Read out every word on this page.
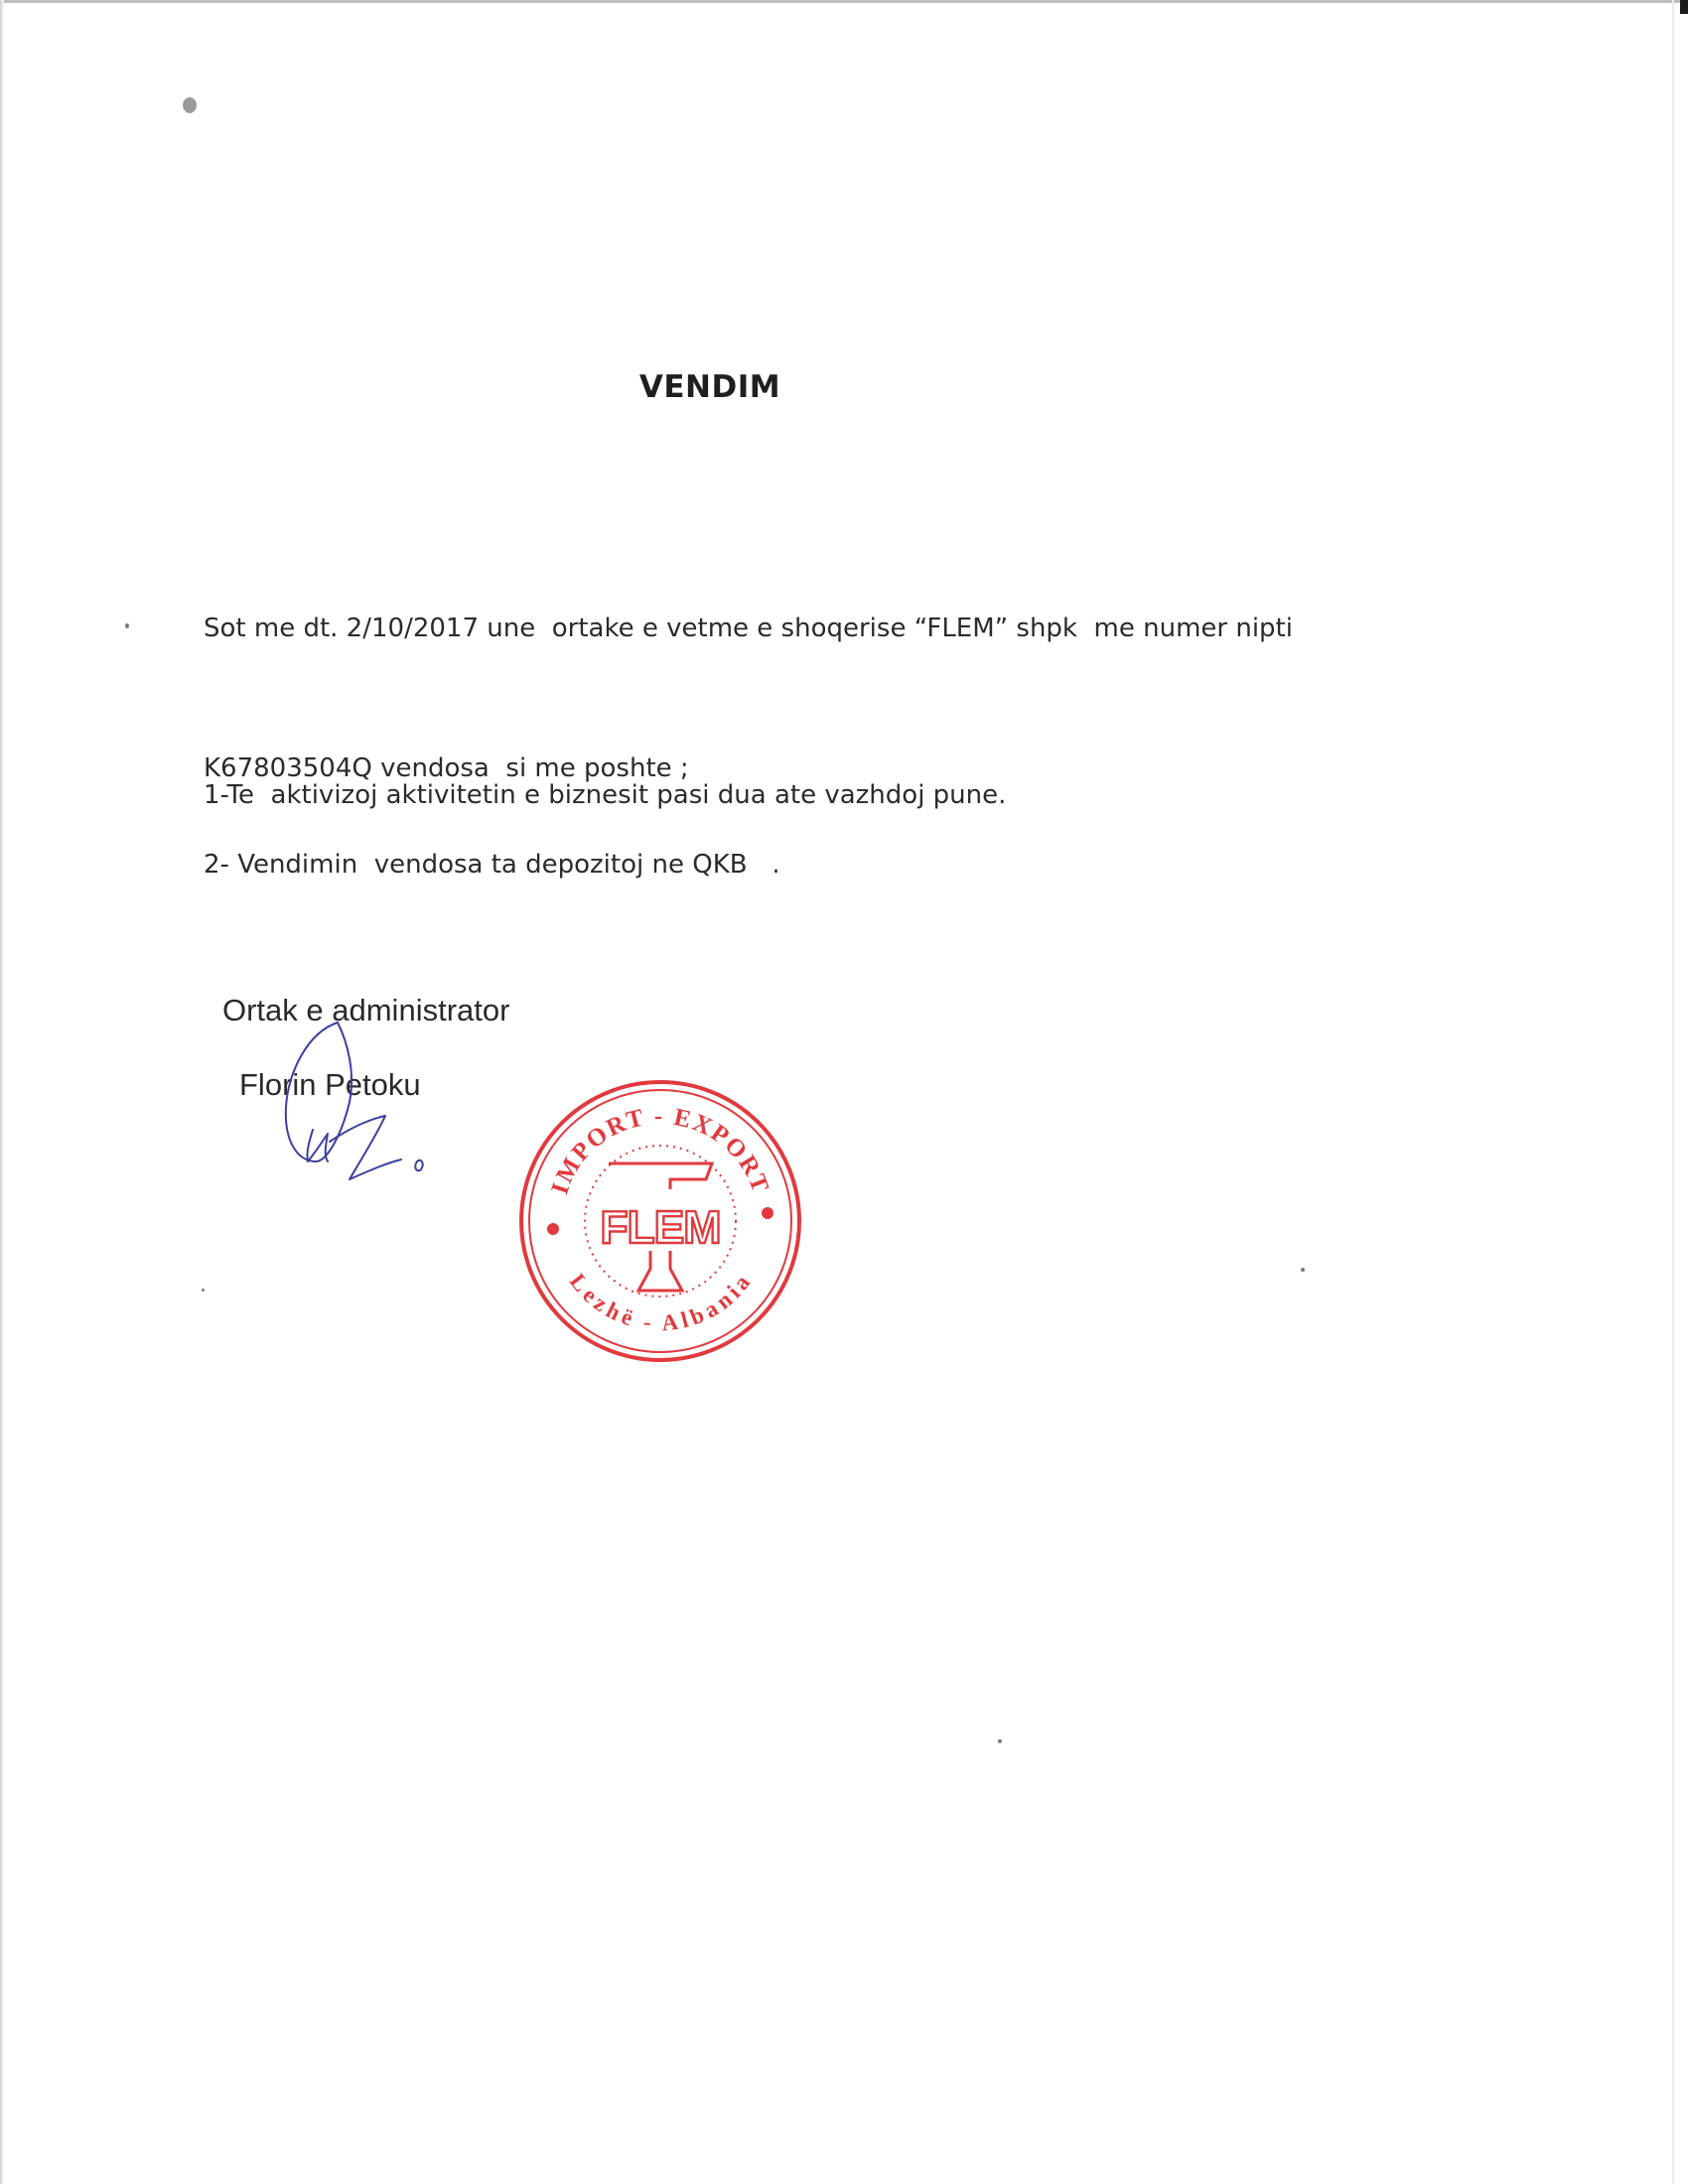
VENDIM

Sot me dt. 2/10/2017 une  ortake e vetme e shoqerise “FLEM” shpk  me numer nipti

K67803504Q vendosa  si me poshte ;

1-Te  aktivizoj aktivitetin e biznesit pasi dua ate vazhdoj pune.
2- Vendimin  vendosa ta depozitoj ne QKB   .
Ortak e administrator
Florin Petoku
IMPORT - EXPORT
Lezhë - Albania
FLEM
